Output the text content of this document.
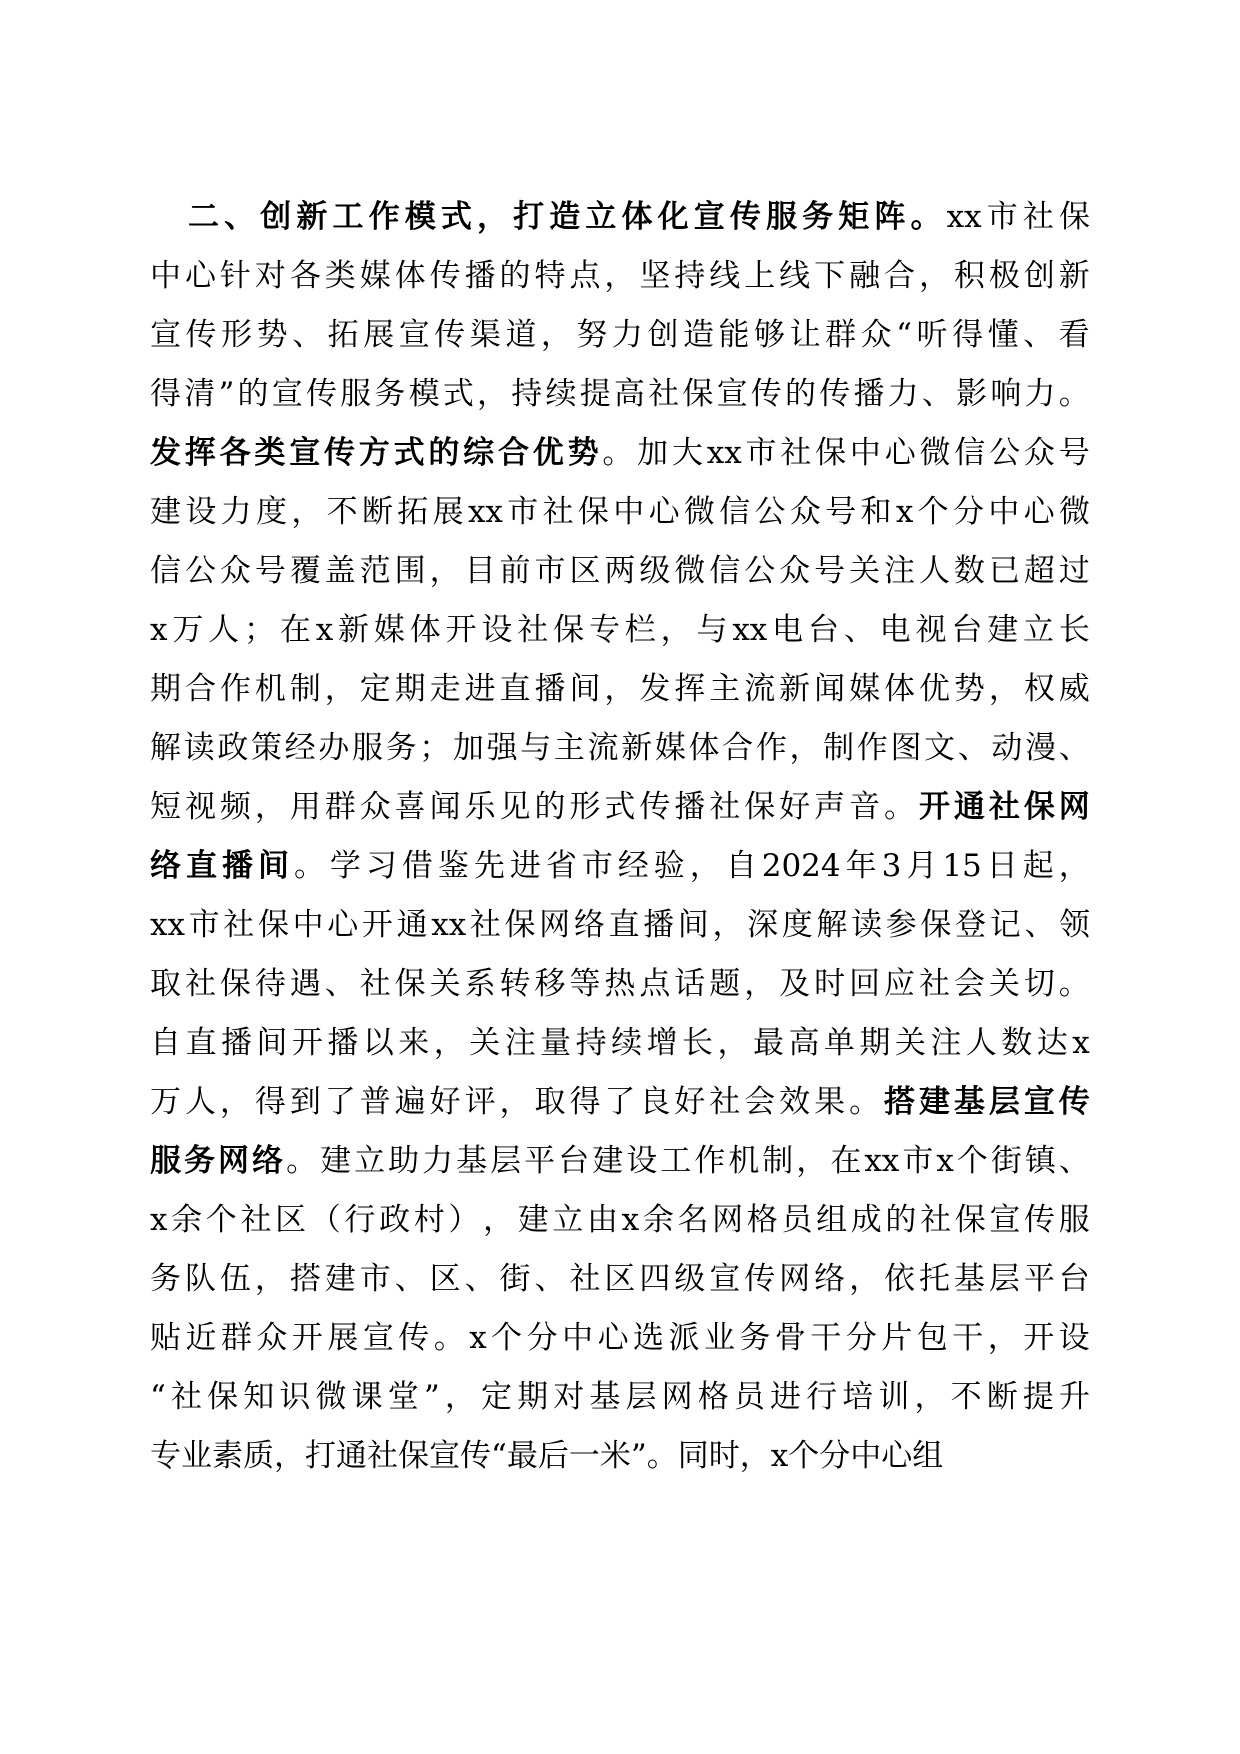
二 、 创 新 工 作 模 式 ， 打 造 立 体 化 宣 传 服 务 矩 阵 。 xx 市 社 保
中 心 针 对 各 类 媒 体 传 播 的 特 点 ， 坚 持 线 上 线 下 融 合 ， 积 极 创 新
宣 传 形 势 、 拓 展 宣 传 渠 道 ， 努 力 创 造 能 够 让 群 众 “ 听 得 懂 、 看
得 清 ” 的 宣 传 服 务 模 式 ， 持 续 提 高 社 保 宣 传 的 传 播 力 、 影 响 力 。
发 挥 各 类 宣 传 方 式 的 综 合 优 势 。 加 大 xx 市 社 保 中 心 微 信 公 众 号
建 设 力 度 ， 不 断 拓 展 xx 市 社 保 中 心 微 信 公 众 号 和 x 个 分 中 心 微
信 公 众 号 覆 盖 范 围 ， 目 前 市 区 两 级 微 信 公 众 号 关 注 人 数 已 超 过
x 万 人 ； 在 x 新 媒 体 开 设 社 保 专 栏 ， 与 xx 电 台 、 电 视 台 建 立 长
期 合 作 机 制 ， 定 期 走 进 直 播 间 ， 发 挥 主 流 新 闻 媒 体 优 势 ， 权 威
解 读 政 策 经 办 服 务 ； 加 强 与 主 流 新 媒 体 合 作 ， 制 作 图 文 、 动 漫 、
短 视 频 ， 用 群 众 喜 闻 乐 见 的 形 式 传 播 社 保 好 声 音 。 开 通 社 保 网
络 直 播 间 。 学 习 借 鉴 先 进 省 市 经 验 ， 自 2024 年 3 月 15 日 起 ，
xx 市 社 保 中 心 开 通 xx 社 保 网 络 直 播 间 ， 深 度 解 读 参 保 登 记 、 领
取 社 保 待 遇 、 社 保 关 系 转 移 等 热 点 话 题 ， 及 时 回 应 社 会 关 切 。
自 直 播 间 开 播 以 来 ， 关 注 量 持 续 增 长 ， 最 高 单 期 关 注 人 数 达 x
万 人 ， 得 到 了 普 遍 好 评 ， 取 得 了 良 好 社 会 效 果 。 搭 建 基 层 宣 传
服 务 网 络 。 建 立 助 力 基 层 平 台 建 设 工 作 机 制 ， 在 xx 市 x 个 街 镇 、
x 余 个 社 区 （ 行 政 村 ） ， 建 立 由 x 余 名 网 格 员 组 成 的 社 保 宣 传 服
务 队 伍 ， 搭 建 市 、 区 、 街 、 社 区 四 级 宣 传 网 络 ， 依 托 基 层 平 台
贴 近 群 众 开 展 宣 传 。 x 个 分 中 心 选 派 业 务 骨 干 分 片 包 干 ， 开 设
“ 社 保 知 识 微 课 堂 ” ， 定 期 对 基 层 网 格 员 进 行 培 训 ， 不 断 提 升
专 业 素 质 ， 打 通 社 保 宣 传 “ 最 后 一 米 ” 。 同 时 ， x 个 分 中 心 组
